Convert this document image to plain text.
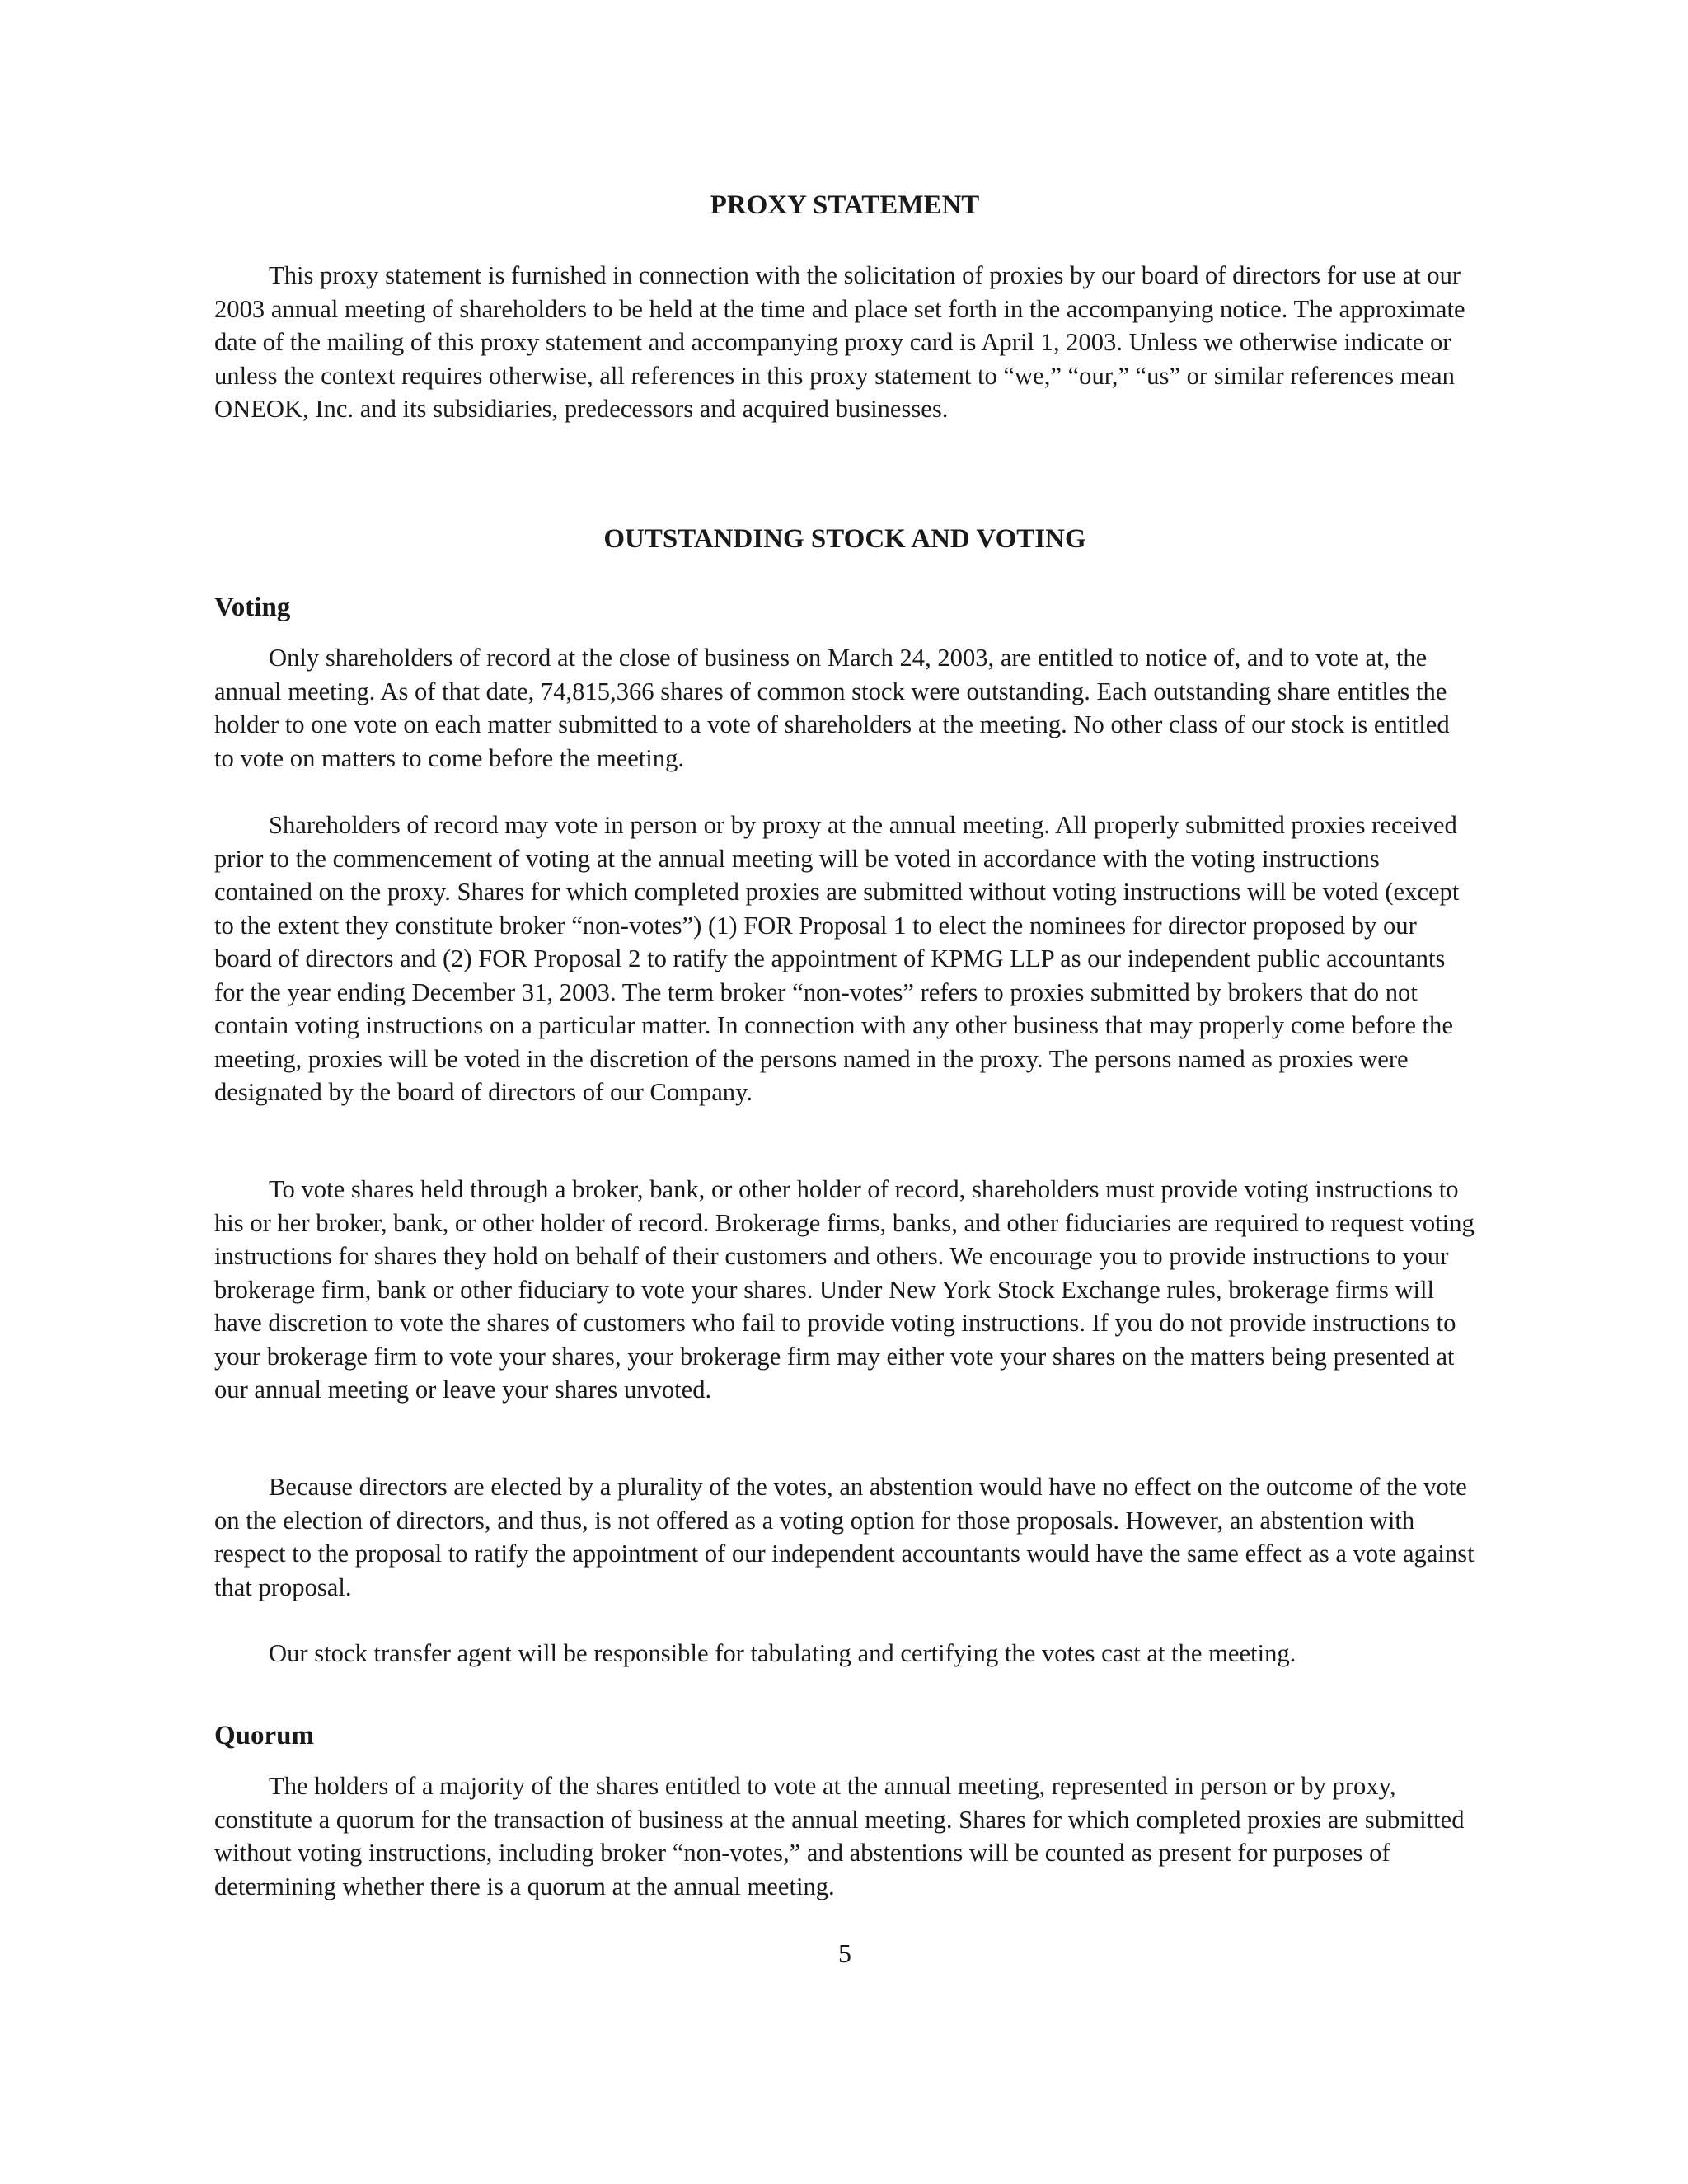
PROXY STATEMENT

This proxy statement is furnished in connection with the solicitation of proxies by our board of directors for use at our 2003 annual meeting of shareholders to be held at the time and place set forth in the accompanying notice. The approximate date of the mailing of this proxy statement and accompanying proxy card is April 1, 2003. Unless we otherwise indicate or unless the context requires otherwise, all references in this proxy statement to “we,” “our,” “us” or similar references mean ONEOK, Inc. and its subsidiaries, predecessors and acquired businesses.

OUTSTANDING STOCK AND VOTING
Voting

Only shareholders of record at the close of business on March 24, 2003, are entitled to notice of, and to vote at, the annual meeting. As of that date, 74,815,366 shares of common stock were outstanding. Each outstanding share entitles the holder to one vote on each matter submitted to a vote of shareholders at the meeting. No other class of our stock is entitled to vote on matters to come before the meeting.

Shareholders of record may vote in person or by proxy at the annual meeting. All properly submitted proxies received prior to the commencement of voting at the annual meeting will be voted in accordance with the voting instructions contained on the proxy. Shares for which completed proxies are submitted without voting instructions will be voted (except to the extent they constitute broker “non-votes”) (1) FOR Proposal 1 to elect the nominees for director proposed by our board of directors and (2) FOR Proposal 2 to ratify the appointment of KPMG LLP as our independent public accountants for the year ending December 31, 2003. The term broker “non-votes” refers to proxies submitted by brokers that do not contain voting instructions on a particular matter. In connection with any other business that may properly come before the meeting, proxies will be voted in the discretion of the persons named in the proxy. The persons named as proxies were designated by the board of directors of our Company.

To vote shares held through a broker, bank, or other holder of record, shareholders must provide voting instructions to his or her broker, bank, or other holder of record. Brokerage firms, banks, and other fiduciaries are required to request voting instructions for shares they hold on behalf of their customers and others. We encourage you to provide instructions to your brokerage firm, bank or other fiduciary to vote your shares. Under New York Stock Exchange rules, brokerage firms will have discretion to vote the shares of customers who fail to provide voting instructions. If you do not provide instructions to your brokerage firm to vote your shares, your brokerage firm may either vote your shares on the matters being presented at our annual meeting or leave your shares unvoted.

Because directors are elected by a plurality of the votes, an abstention would have no effect on the outcome of the vote on the election of directors, and thus, is not offered as a voting option for those proposals. However, an abstention with respect to the proposal to ratify the appointment of our independent accountants would have the same effect as a vote against that proposal.

Our stock transfer agent will be responsible for tabulating and certifying the votes cast at the meeting.

Quorum

The holders of a majority of the shares entitled to vote at the annual meeting, represented in person or by proxy, constitute a quorum for the transaction of business at the annual meeting. Shares for which completed proxies are submitted without voting instructions, including broker “non-votes,” and abstentions will be counted as present for purposes of determining whether there is a quorum at the annual meeting.

5
